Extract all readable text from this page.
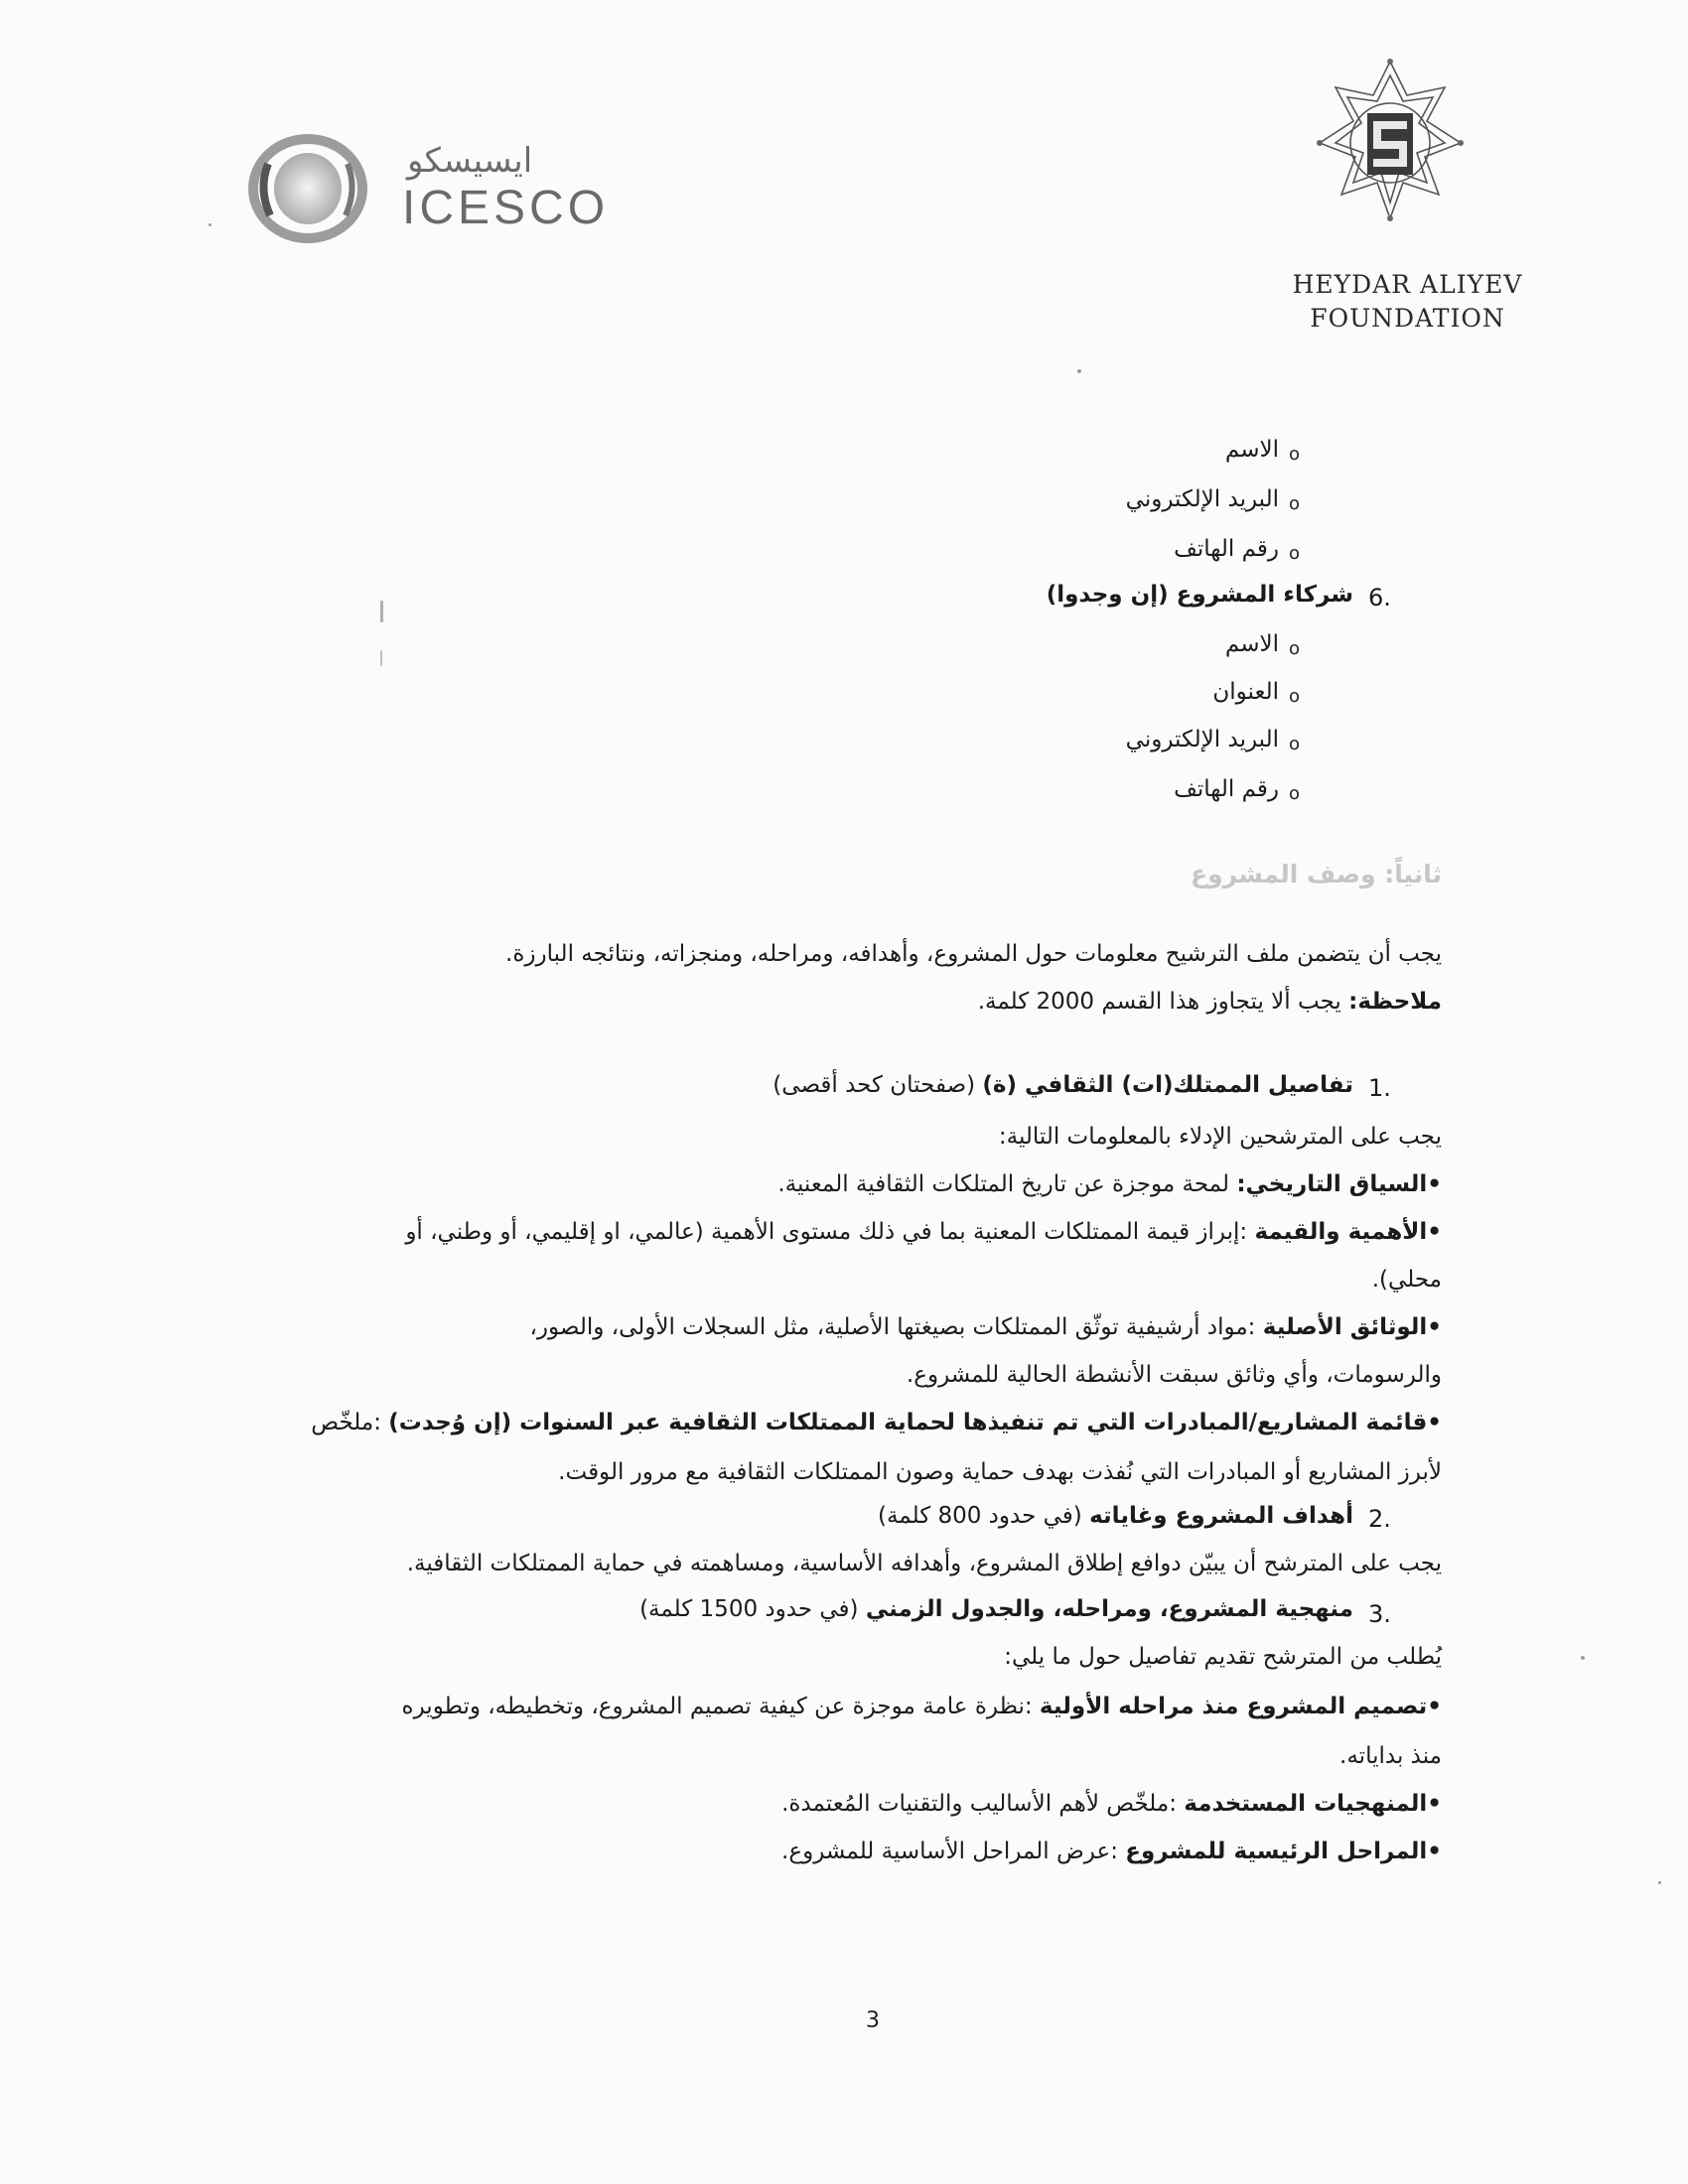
ايسيسكو
ICESCO
HEYDAR ALIYEV
FOUNDATION
الاسم o
البريد الإلكتروني o
رقم الهاتف o
6.
شركاء المشروع (إن وجدوا)
الاسم o
العنوان o
البريد الإلكتروني o
رقم الهاتف o
ثانياً: وصف المشروع
يجب أن يتضمن ملف الترشيح معلومات حول المشروع، وأهدافه، ومراحله، ومنجزاته، ونتائجه البارزة.
ملاحظة: يجب ألا يتجاوز هذا القسم 2000 كلمة.
1.
تفاصيل الممتلك(ات) الثقافي (ة) (صفحتان كحد أقصى)
يجب على المترشحين الإدلاء بالمعلومات التالية:
•السياق التاريخي: لمحة موجزة عن تاريخ المتلكات الثقافية المعنية.
•الأهمية والقيمة :إبراز قيمة الممتلكات المعنية بما في ذلك مستوى الأهمية (عالمي، او إقليمي، أو وطني، أو
محلي).
•الوثائق الأصلية :مواد أرشيفية توثّق الممتلكات بصيغتها الأصلية، مثل السجلات الأولى، والصور،
والرسومات، وأي وثائق سبقت الأنشطة الحالية للمشروع.
•قائمة المشاريع/المبادرات التي تم تنفيذها لحماية الممتلكات الثقافية عبر السنوات (إن وُجدت) :ملخّص
لأبرز المشاريع أو المبادرات التي نُفذت بهدف حماية وصون الممتلكات الثقافية مع مرور الوقت.
2.
أهداف المشروع وغاياته (في حدود 800 كلمة)
يجب على المترشح أن يبيّن دوافع إطلاق المشروع، وأهدافه الأساسية، ومساهمته في حماية الممتلكات الثقافية.
3.
منهجية المشروع، ومراحله، والجدول الزمني (في حدود 1500 كلمة)
يُطلب من المترشح تقديم تفاصيل حول ما يلي:
•تصميم المشروع منذ مراحله الأولية :نظرة عامة موجزة عن كيفية تصميم المشروع، وتخطيطه، وتطويره
منذ بداياته.
•المنهجيات المستخدمة :ملخّص لأهم الأساليب والتقنيات المُعتمدة.
•المراحل الرئيسية للمشروع :عرض المراحل الأساسية للمشروع.
3
